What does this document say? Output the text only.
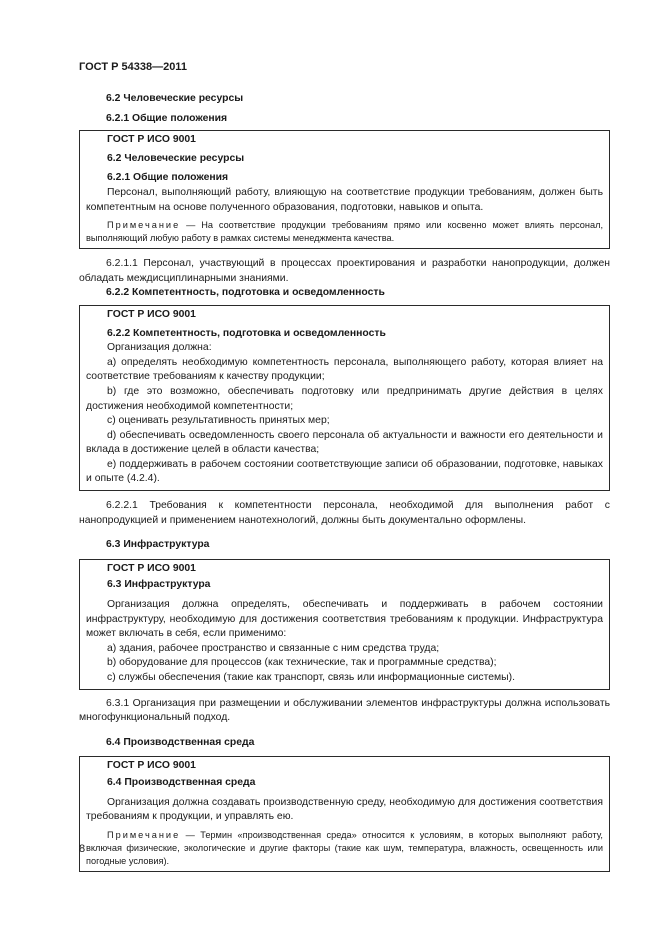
ГОСТ Р 54338—2011

6.2 Человеческие ресурсы

6.2.1 Общие положения

ГОСТ Р ИСО 9001

6.2 Человеческие ресурсы

6.2.1 Общие положения

Персонал, выполняющий работу, влияющую на соответствие продукции требованиям, должен быть компетентным на основе полученного образования, подготовки, навыков и опыта.

Примечание — На соответствие продукции требованиям прямо или косвенно может влиять персонал, выполняющий любую работу в рамках системы менеджмента качества.

6.2.1.1 Персонал, участвующий в процессах проектирования и разработки нанопродукции, должен обладать междисциплинарными знаниями.

6.2.2 Компетентность, подготовка и осведомленность

ГОСТ Р ИСО 9001

6.2.2 Компетентность, подготовка и осведомленность

Организация должна:

a) определять необходимую компетентность персонала, выполняющего работу, которая влияет на соответствие требованиям к качеству продукции;

b) где это возможно, обеспечивать подготовку или предпринимать другие действия в целях достижения необходимой компетентности;

c) оценивать результативность принятых мер;

d) обеспечивать осведомленность своего персонала об актуальности и важности его деятельности и вклада в достижение целей в области качества;

e) поддерживать в рабочем состоянии соответствующие записи об образовании, подготовке, навыках и опыте (4.2.4).

6.2.2.1 Требования к компетентности персонала, необходимой для выполнения работ с нанопродукцией и применением нанотехнологий, должны быть документально оформлены.

6.3 Инфраструктура

ГОСТ Р ИСО 9001

6.3 Инфраструктура

Организация должна определять, обеспечивать и поддерживать в рабочем состоянии инфраструктуру, необходимую для достижения соответствия требованиям к продукции. Инфраструктура может включать в себя, если применимо:

a) здания, рабочее пространство и связанные с ним средства труда;

b) оборудование для процессов (как технические, так и программные средства);

c) службы обеспечения (такие как транспорт, связь или информационные системы).

6.3.1 Организация при размещении и обслуживании элементов инфраструктуры должна использовать многофункциональный подход.

6.4 Производственная среда

ГОСТ Р ИСО 9001

6.4 Производственная среда

Организация должна создавать производственную среду, необходимую для достижения соответствия требованиям к продукции, и управлять ею.

Примечание — Термин «производственная среда» относится к условиям, в которых выполняют работу, включая физические, экологические и другие факторы (такие как шум, температура, влажность, освещенность или погодные условия).

8
